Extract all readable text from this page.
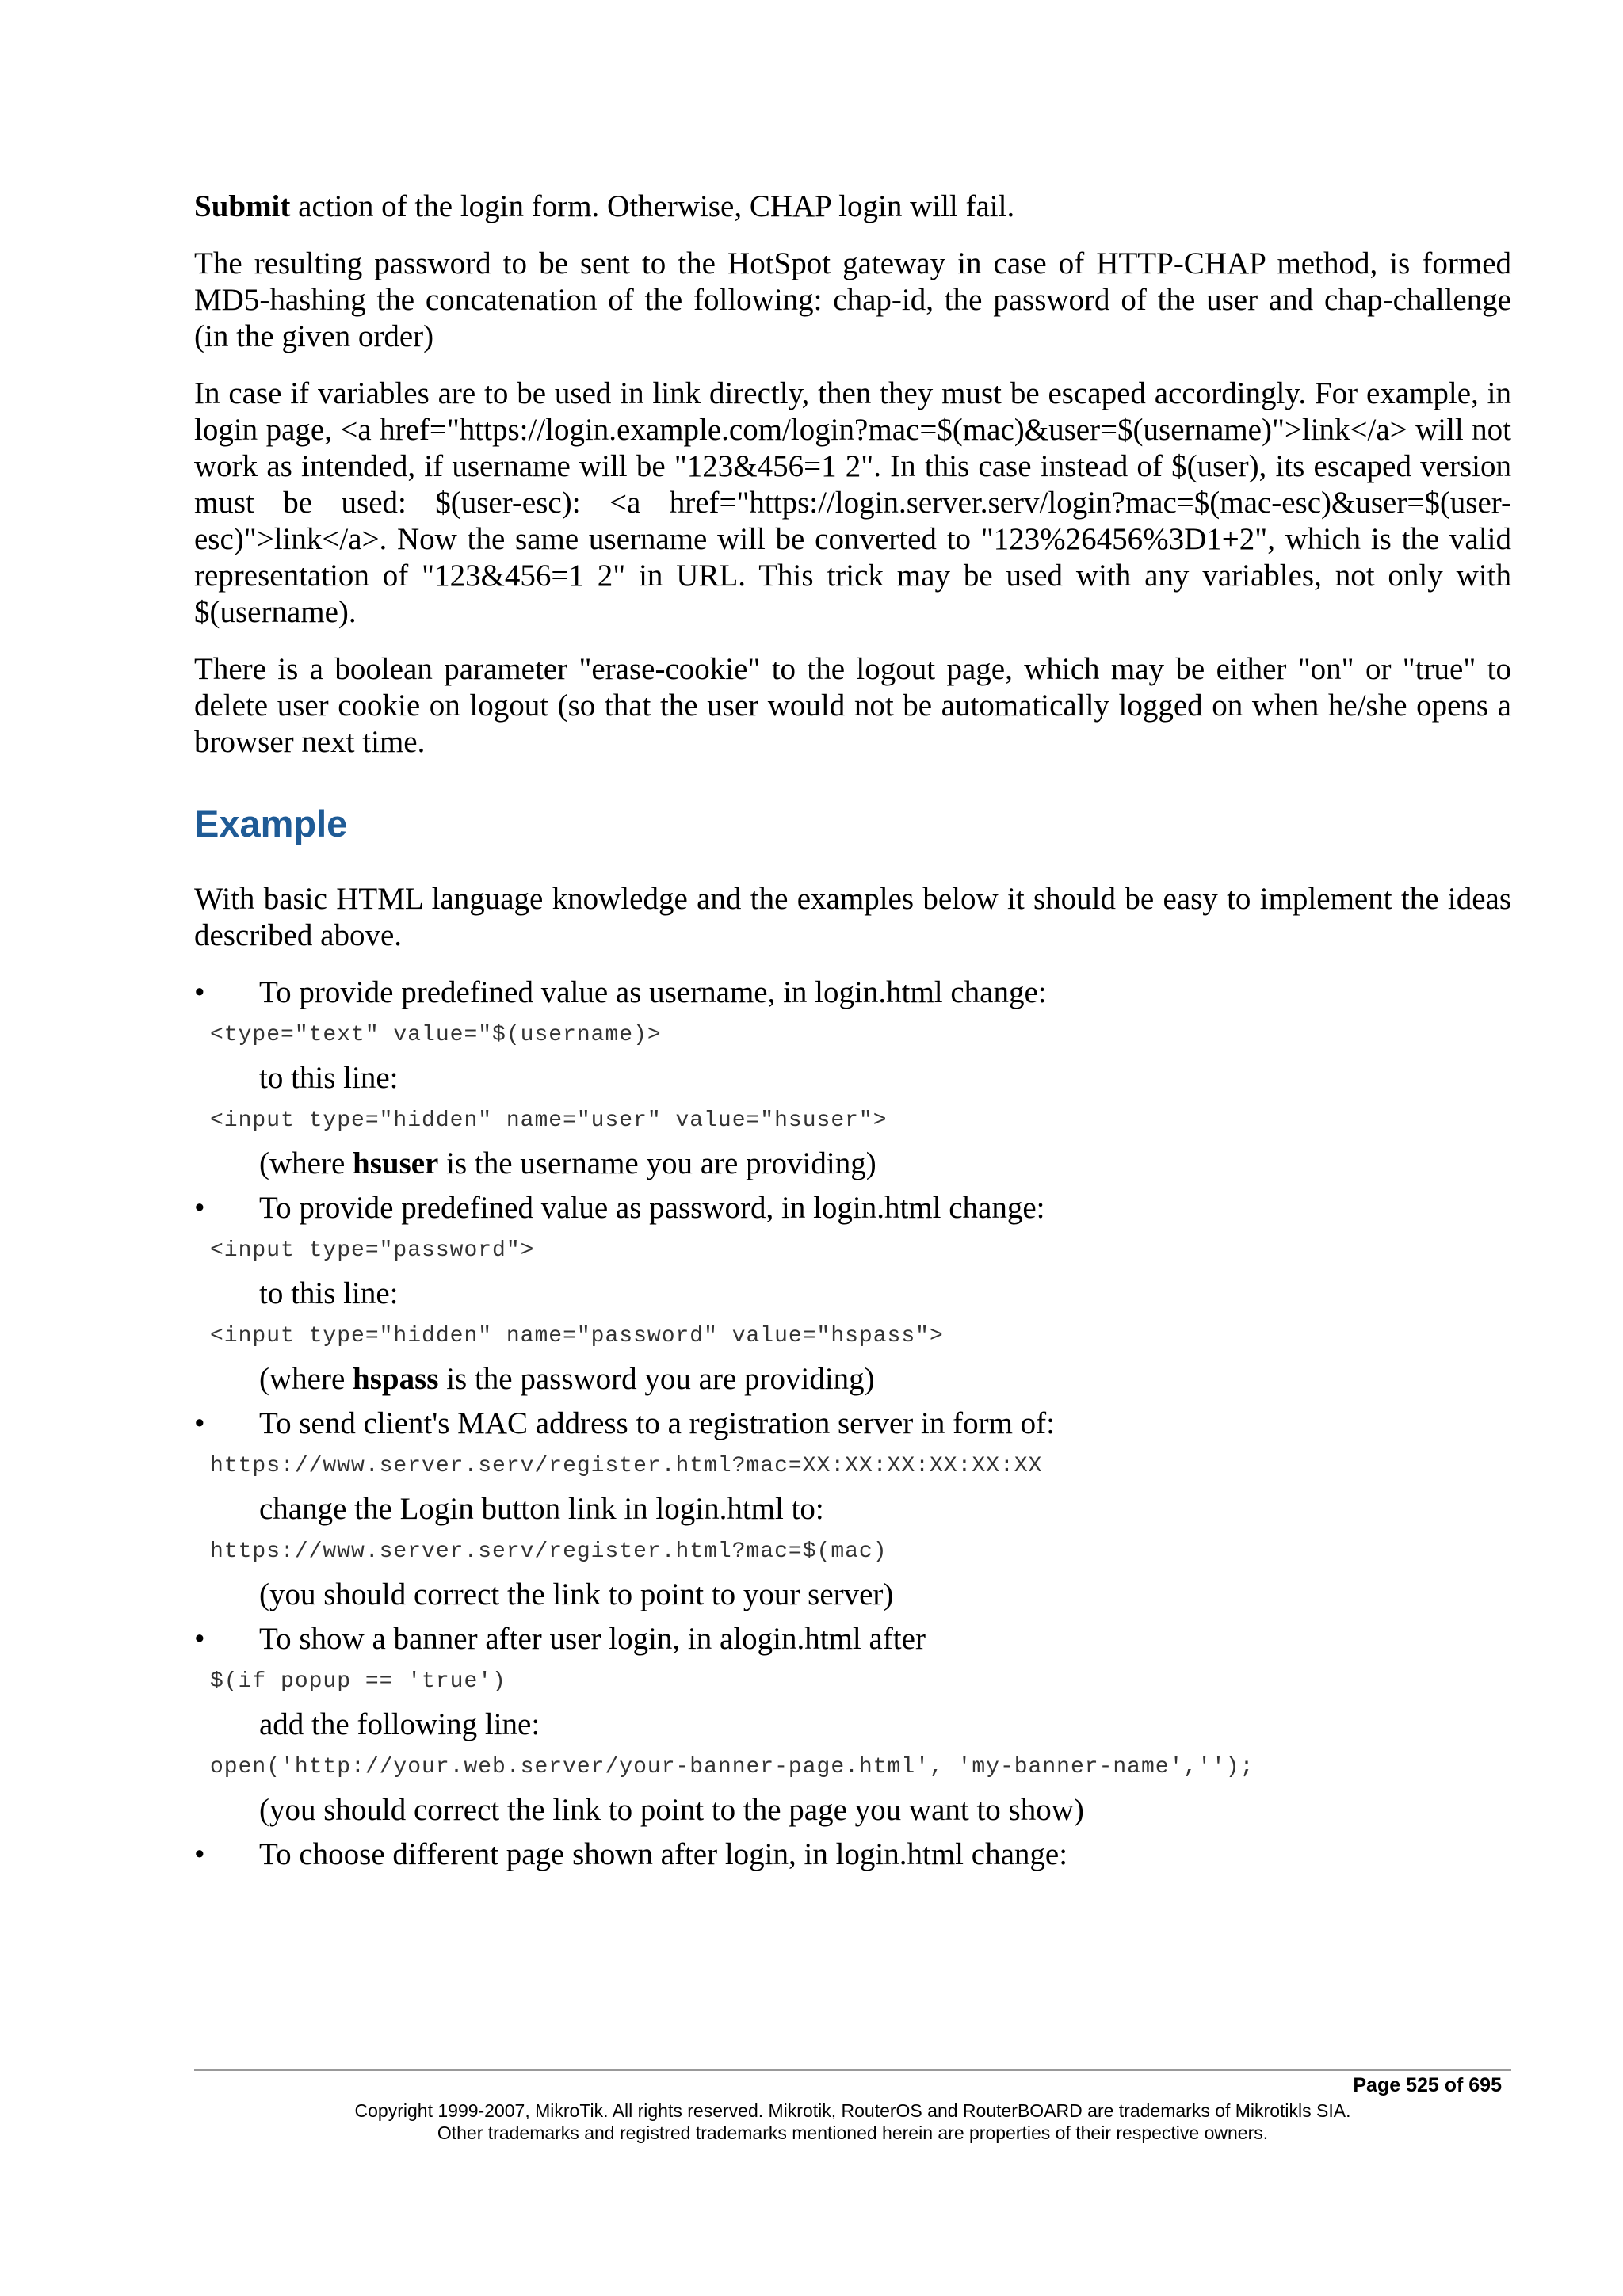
Submit action of the login form. Otherwise, CHAP login will fail.

The resulting password to be sent to the HotSpot gateway in case of HTTP-CHAP method, is formed MD5-hashing the concatenation of the following: chap-id, the password of the user and chap-challenge (in the given order)

In case if variables are to be used in link directly, then they must be escaped accordingly. For example, in login page, <a href="https://login.example.com/login?mac=$(mac)&user=$(username)">link</a> will not work as intended, if username will be "123&456=1 2". In this case instead of $(user), its escaped version must be used: $(user-esc): <a href="https://login.server.serv/login?mac=$(mac-esc)&user=$(user-esc)">link</a>. Now the same username will be converted to "123%26456%3D1+2", which is the valid representation of "123&456=1 2" in URL. This trick may be used with any variables, not only with $(username).

There is a boolean parameter "erase-cookie" to the logout page, which may be either "on" or "true" to delete user cookie on logout (so that the user would not be automatically logged on when he/she opens a browser next time.

Example

With basic HTML language knowledge and the examples below it should be easy to implement the ideas described above.

•	To provide predefined value as username, in login.html change:
<type="text" value="$(username)>
to this line:
<input type="hidden" name="user" value="hsuser">
(where hsuser is the username you are providing)
•	To provide predefined value as password, in login.html change:
<input type="password">
to this line:
<input type="hidden" name="password" value="hspass">
(where hspass is the password you are providing)
•	To send client's MAC address to a registration server in form of:
https://www.server.serv/register.html?mac=XX:XX:XX:XX:XX:XX
change the Login button link in login.html to:
https://www.server.serv/register.html?mac=$(mac)
(you should correct the link to point to your server)
•	To show a banner after user login, in alogin.html after
$(if popup == 'true')
add the following line:
open('http://your.web.server/your-banner-page.html', 'my-banner-name','');
(you should correct the link to point to the page you want to show)
•	To choose different page shown after login, in login.html change:
Page 525 of 695
Copyright 1999-2007, MikroTik. All rights reserved. Mikrotik, RouterOS and RouterBOARD are trademarks of Mikrotikls SIA.
Other trademarks and registred trademarks mentioned herein are properties of their respective owners.
